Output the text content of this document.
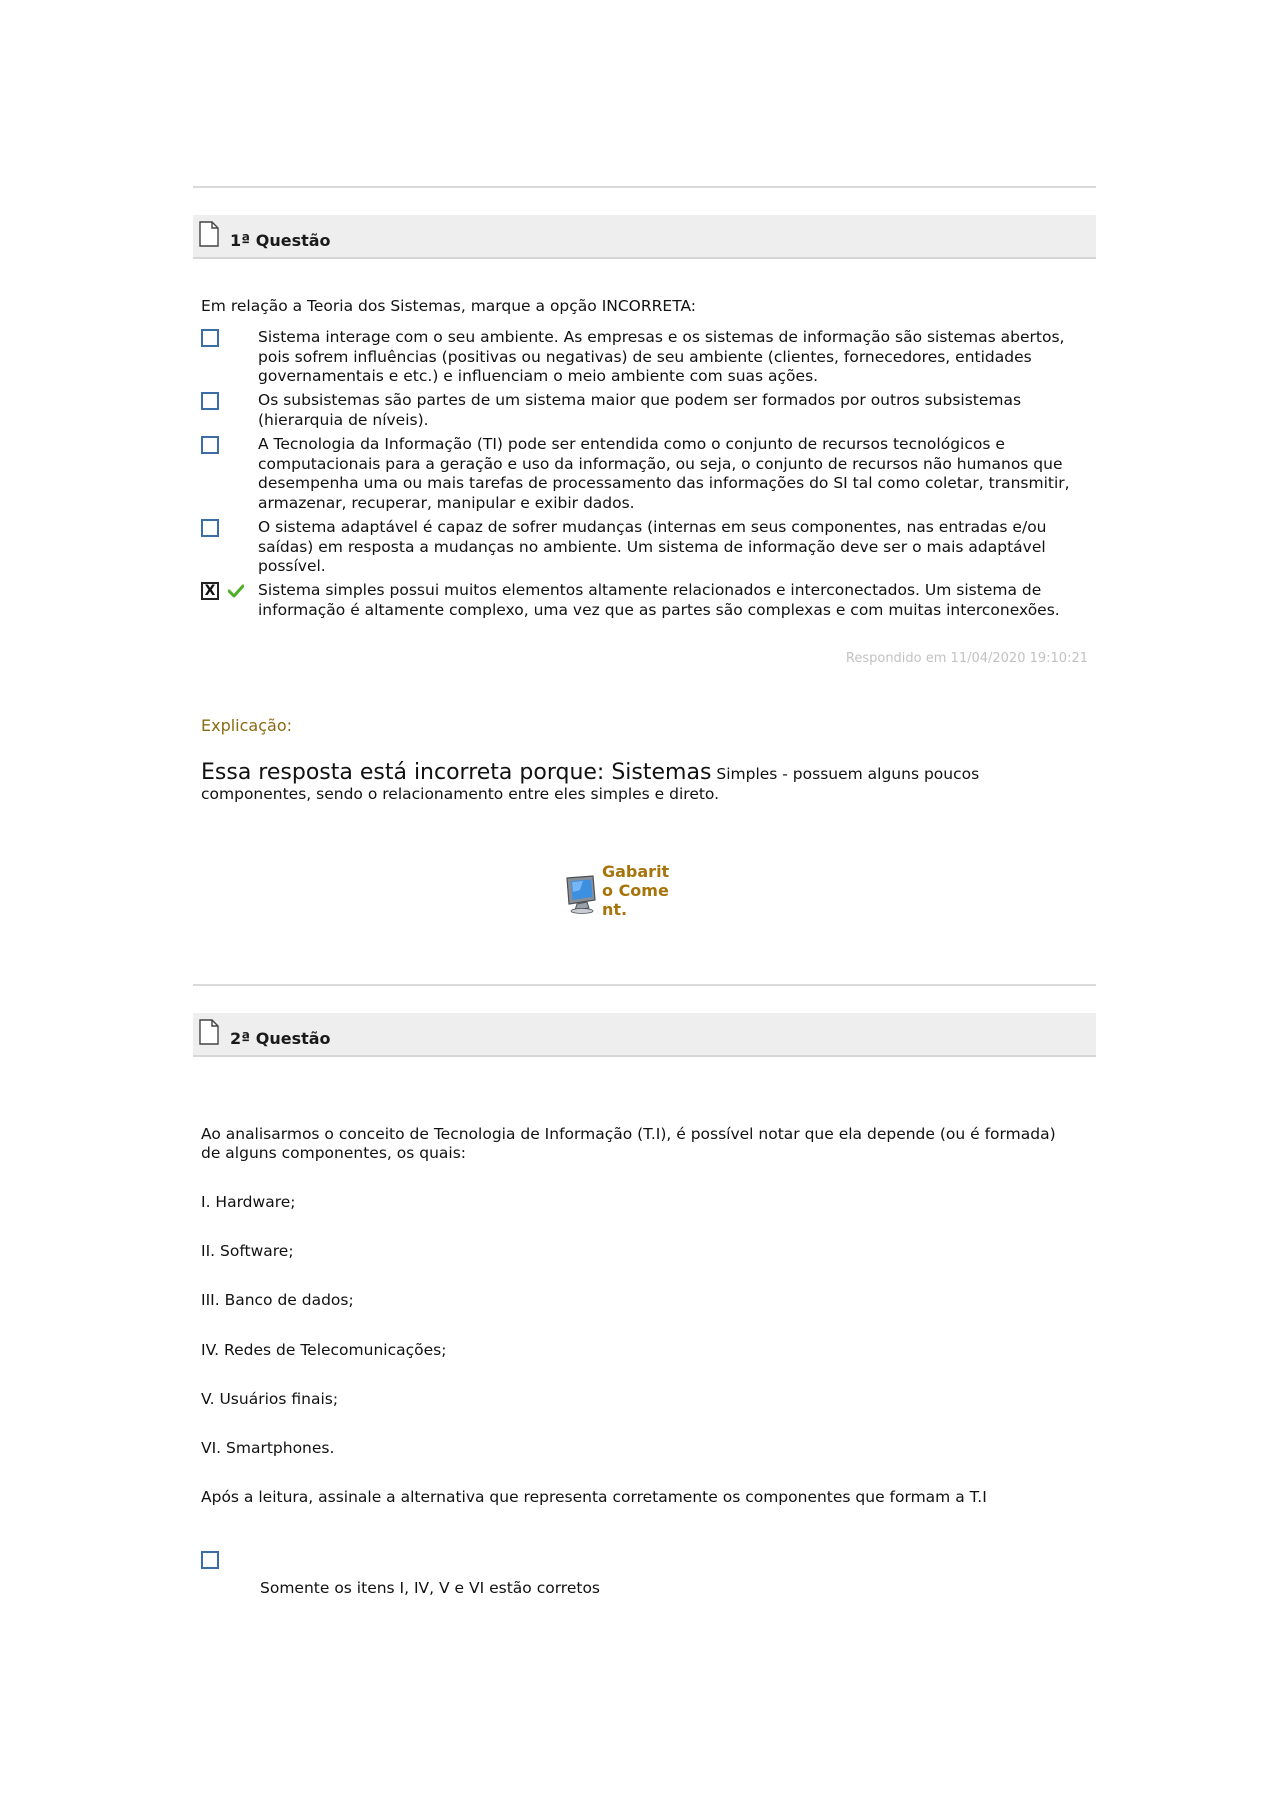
1ª Questão
Em relação a Teoria dos Sistemas, marque a opção INCORRETA:
Sistema interage com o seu ambiente. As empresas e os sistemas de informação são sistemas abertos, pois sofrem influências (positivas ou negativas) de seu ambiente (clientes, fornecedores, entidades governamentais e etc.) e influenciam o meio ambiente com suas ações.
Os subsistemas são partes de um sistema maior que podem ser formados por outros subsistemas (hierarquia de níveis).
A Tecnologia da Informação (TI) pode ser entendida como o conjunto de recursos tecnológicos e computacionais para a geração e uso da informação, ou seja, o conjunto de recursos não humanos que desempenha uma ou mais tarefas de processamento das informações do SI tal como coletar, transmitir, armazenar, recuperar, manipular e exibir dados.
O sistema adaptável é capaz de sofrer mudanças (internas em seus componentes, nas entradas e/ou saídas) em resposta a mudanças no ambiente. Um sistema de informação deve ser o mais adaptável possível.
X	Sistema simples possui muitos elementos altamente relacionados e interconectados. Um sistema de informação é altamente complexo, uma vez que as partes são complexas e com muitas interconexões.
Respondido em 11/04/2020 19:10:21
Explicação:
Essa resposta está incorreta porque: Sistemas Simples - possuem alguns poucos componentes, sendo o relacionamento entre eles simples e direto.
Gabarito Coment.
2ª Questão
Ao analisarmos o conceito de Tecnologia de Informação (T.I), é possível notar que ela depende (ou é formada) de alguns componentes, os quais:
I. Hardware;
II. Software;
III. Banco de dados;
IV. Redes de Telecomunicações;
V. Usuários finais;
VI. Smartphones.
Após a leitura, assinale a alternativa que representa corretamente os componentes que formam a T.I
Somente os itens I, IV, V e VI estão corretos
